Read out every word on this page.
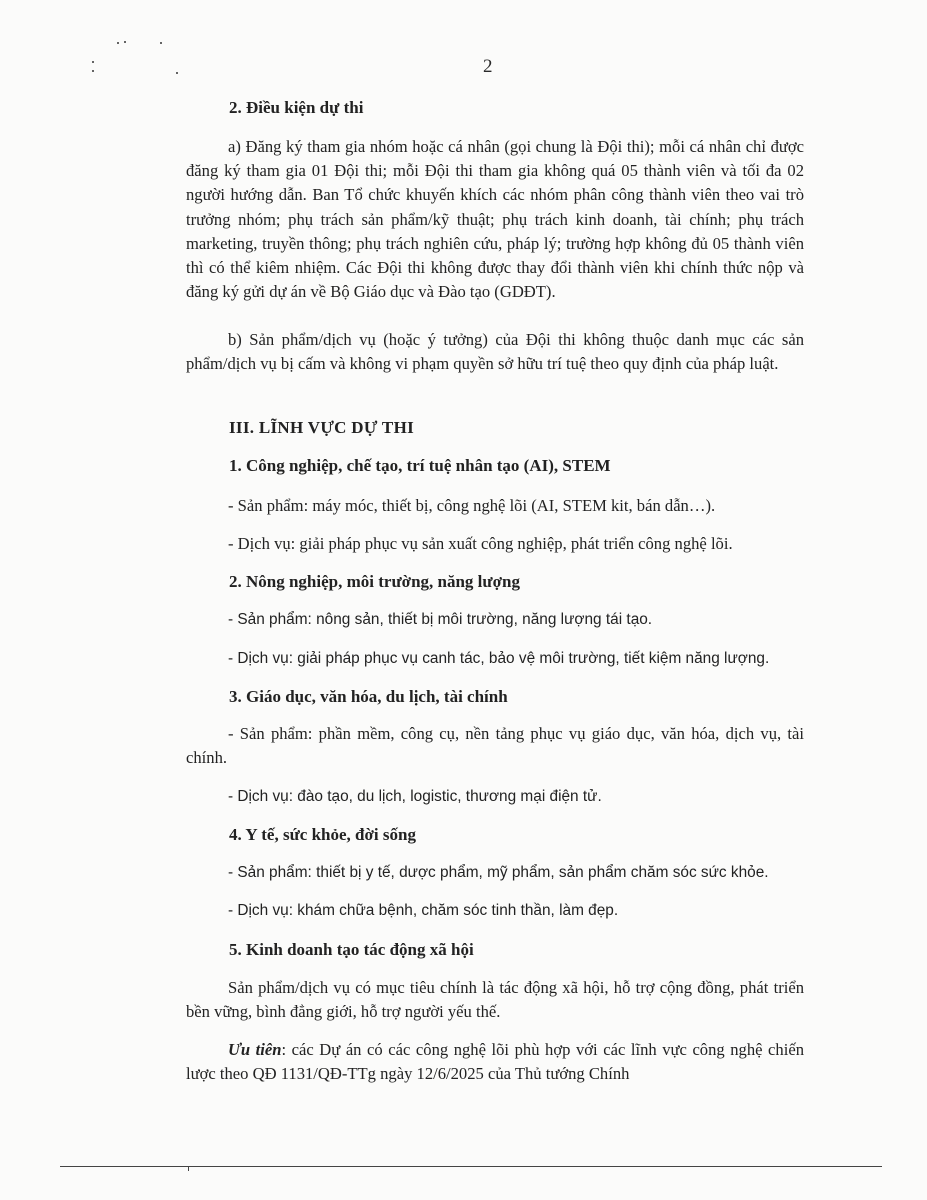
2
2. Điều kiện dự thi
a) Đăng ký tham gia nhóm hoặc cá nhân (gọi chung là Đội thi); mỗi cá nhân chỉ được đăng ký tham gia 01 Đội thi; mỗi Đội thi tham gia không quá 05 thành viên và tối đa 02 người hướng dẫn. Ban Tổ chức khuyến khích các nhóm phân công thành viên theo vai trò trưởng nhóm; phụ trách sản phẩm/kỹ thuật; phụ trách kinh doanh, tài chính; phụ trách marketing, truyền thông; phụ trách nghiên cứu, pháp lý; trường hợp không đủ 05 thành viên thì có thể kiêm nhiệm. Các Đội thi không được thay đổi thành viên khi chính thức nộp và đăng ký gửi dự án về Bộ Giáo dục và Đào tạo (GDĐT).
b) Sản phẩm/dịch vụ (hoặc ý tưởng) của Đội thi không thuộc danh mục các sản phẩm/dịch vụ bị cấm và không vi phạm quyền sở hữu trí tuệ theo quy định của pháp luật.
III. LĨNH VỰC DỰ THI
1. Công nghiệp, chế tạo, trí tuệ nhân tạo (AI), STEM
- Sản phẩm: máy móc, thiết bị, công nghệ lõi (AI, STEM kit, bán dẫn…).
- Dịch vụ: giải pháp phục vụ sản xuất công nghiệp, phát triển công nghệ lõi.
2. Nông nghiệp, môi trường, năng lượng
- Sản phẩm: nông sản, thiết bị môi trường, năng lượng tái tạo.
- Dịch vụ: giải pháp phục vụ canh tác, bảo vệ môi trường, tiết kiệm năng lượng.
3. Giáo dục, văn hóa, du lịch, tài chính
- Sản phẩm: phần mềm, công cụ, nền tảng phục vụ giáo dục, văn hóa, dịch vụ, tài chính.
- Dịch vụ: đào tạo, du lịch, logistic, thương mại điện tử.
4. Y tế, sức khỏe, đời sống
- Sản phẩm: thiết bị y tế, dược phẩm, mỹ phẩm, sản phẩm chăm sóc sức khỏe.
- Dịch vụ: khám chữa bệnh, chăm sóc tinh thần, làm đẹp.
5. Kinh doanh tạo tác động xã hội
Sản phẩm/dịch vụ có mục tiêu chính là tác động xã hội, hỗ trợ cộng đồng, phát triển bền vững, bình đẳng giới, hỗ trợ người yếu thế.
Ưu tiên: các Dự án có các công nghệ lõi phù hợp với các lĩnh vực công nghệ chiến lược theo QĐ 1131/QĐ-TTg ngày 12/6/2025 của Thủ tướng Chính
